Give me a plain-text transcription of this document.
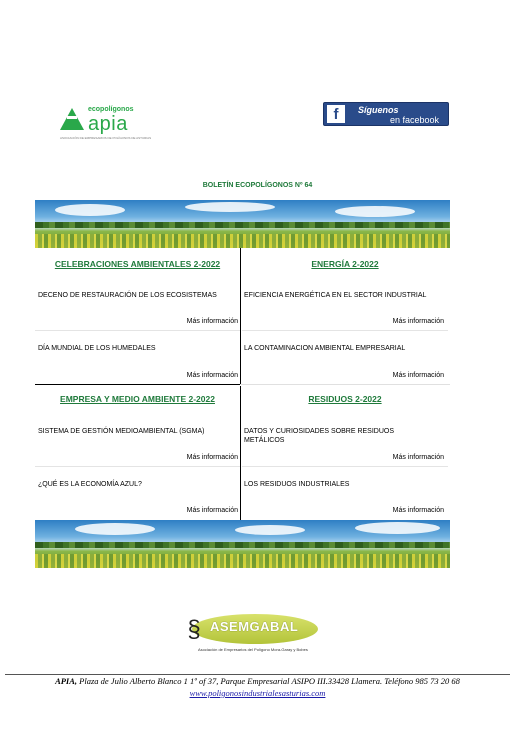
ecopolígonos
apia
ASOCIACIÓN DE EMPRESARIOS DE POLÍGONOS DE ASTURIAS
f	Síguenos
en facebook
BOLETÍN ECOPOLÍGONOS Nº 64
CELEBRACIONES AMBIENTALES 2-2022
DECENO DE RESTAURACIÓN DE LOS ECOSISTEMAS
Más información
DÍA MUNDIAL DE LOS HUMEDALES
Más información
ENERGÍA 2-2022
EFICIENCIA ENERGÉTICA EN EL SECTOR INDUSTRIAL
Más información
LA CONTAMINACION AMBIENTAL EMPRESARIAL
Más información
EMPRESA Y MEDIO AMBIENTE 2-2022
SISTEMA DE GESTIÓN MEDIOAMBIENTAL (SGMA)
Más información
¿QUÉ ES LA ECONOMÍA AZUL?
Más información
RESIDUOS 2-2022
DATOS Y CURIOSIDADES SOBRE RESIDUOS METÁLICOS
Más información
LOS RESIDUOS INDUSTRIALES
Más información
§ ASEMGABAL
Asociación de Empresarios del Polígono Mora-Garay y Bobes
APIA, Plaza de Julio Alberto Blanco 1 1º of 37, Parque Empresarial ASIPO III.33428 Llamera. Teléfono 985 73 20 68
www.poligonosindustrialesasturias.com
